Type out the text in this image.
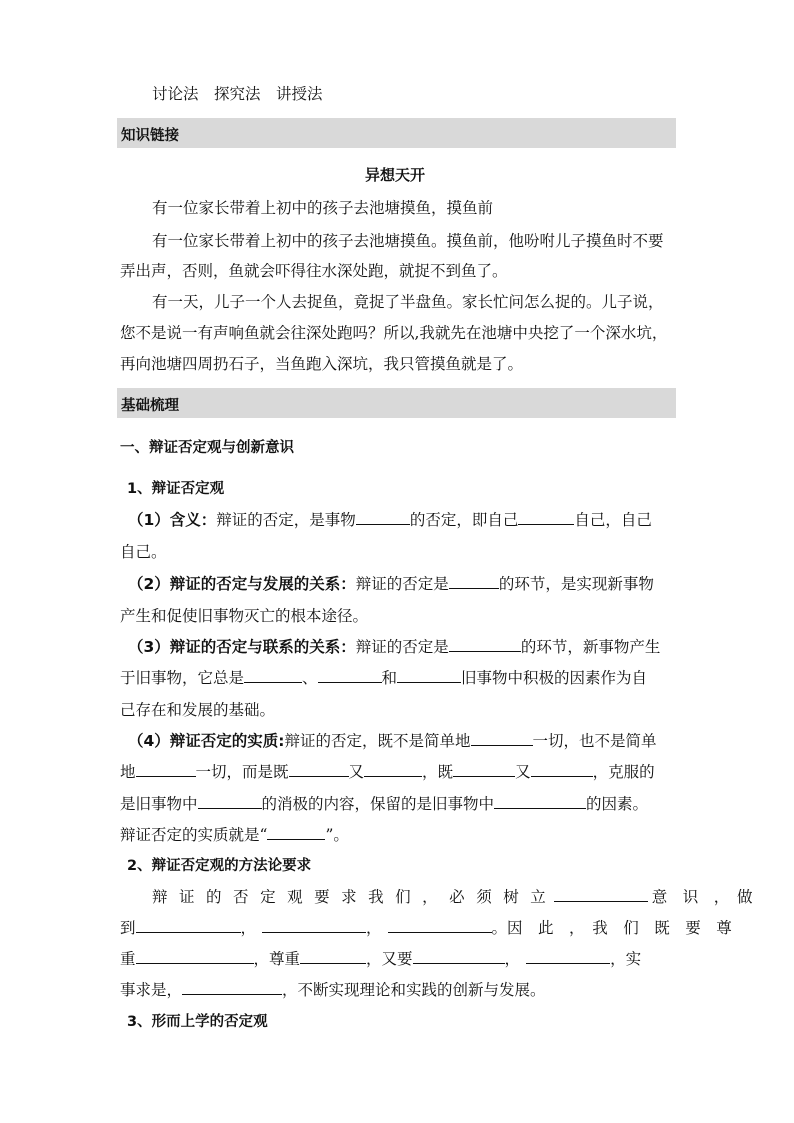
讨论法　探究法　讲授法
知识链接
异想天开
有一位家长带着上初中的孩子去池塘摸鱼，摸鱼前
有一位家长带着上初中的孩子去池塘摸鱼。摸鱼前，他吩咐儿子摸鱼时不要
弄出声，否则，鱼就会吓得往水深处跑，就捉不到鱼了。
有一天，儿子一个人去捉鱼，竟捉了半盘鱼。家长忙问怎么捉的。儿子说，
您不是说一有声响鱼就会往深处跑吗？所以,我就先在池塘中央挖了一个深水坑，
再向池塘四周扔石子，当鱼跑入深坑，我只管摸鱼就是了。
基础梳理
一、辩证否定观与创新意识
1、辩证否定观
（1）含义：辩证的否定，是事物	的否定，即自己	自己，自己
自己。
（2）辩证的否定与发展的关系：辩证的否定是	的环节，是实现新事物
产生和促使旧事物灭亡的根本途径。
（3）辩证的否定与联系的关系：辩证的否定是	的环节，新事物产生
于旧事物，它总是	、	和	旧事物中积极的因素作为自
己存在和发展的基础。
（4）辩证否定的实质:辩证的否定，既不是简单地	一切，也不是简单
地	一切，而是既	又	，既	又	，克服的
是旧事物中	的消极的内容，保留的是旧事物中	的因素。
辩证否定的实质就是“	”。
2、辩证否定观的方法论要求
辩 证 的 否 定 观 要 求 我 们 ， 必 须 树 立	意　识　，　做
到	，	，	。因　此　，　我　们　既　要　尊
重	，尊重	，又要	，	，实
事求是，	，不断实现理论和实践的创新与发展。
3、形而上学的否定观
